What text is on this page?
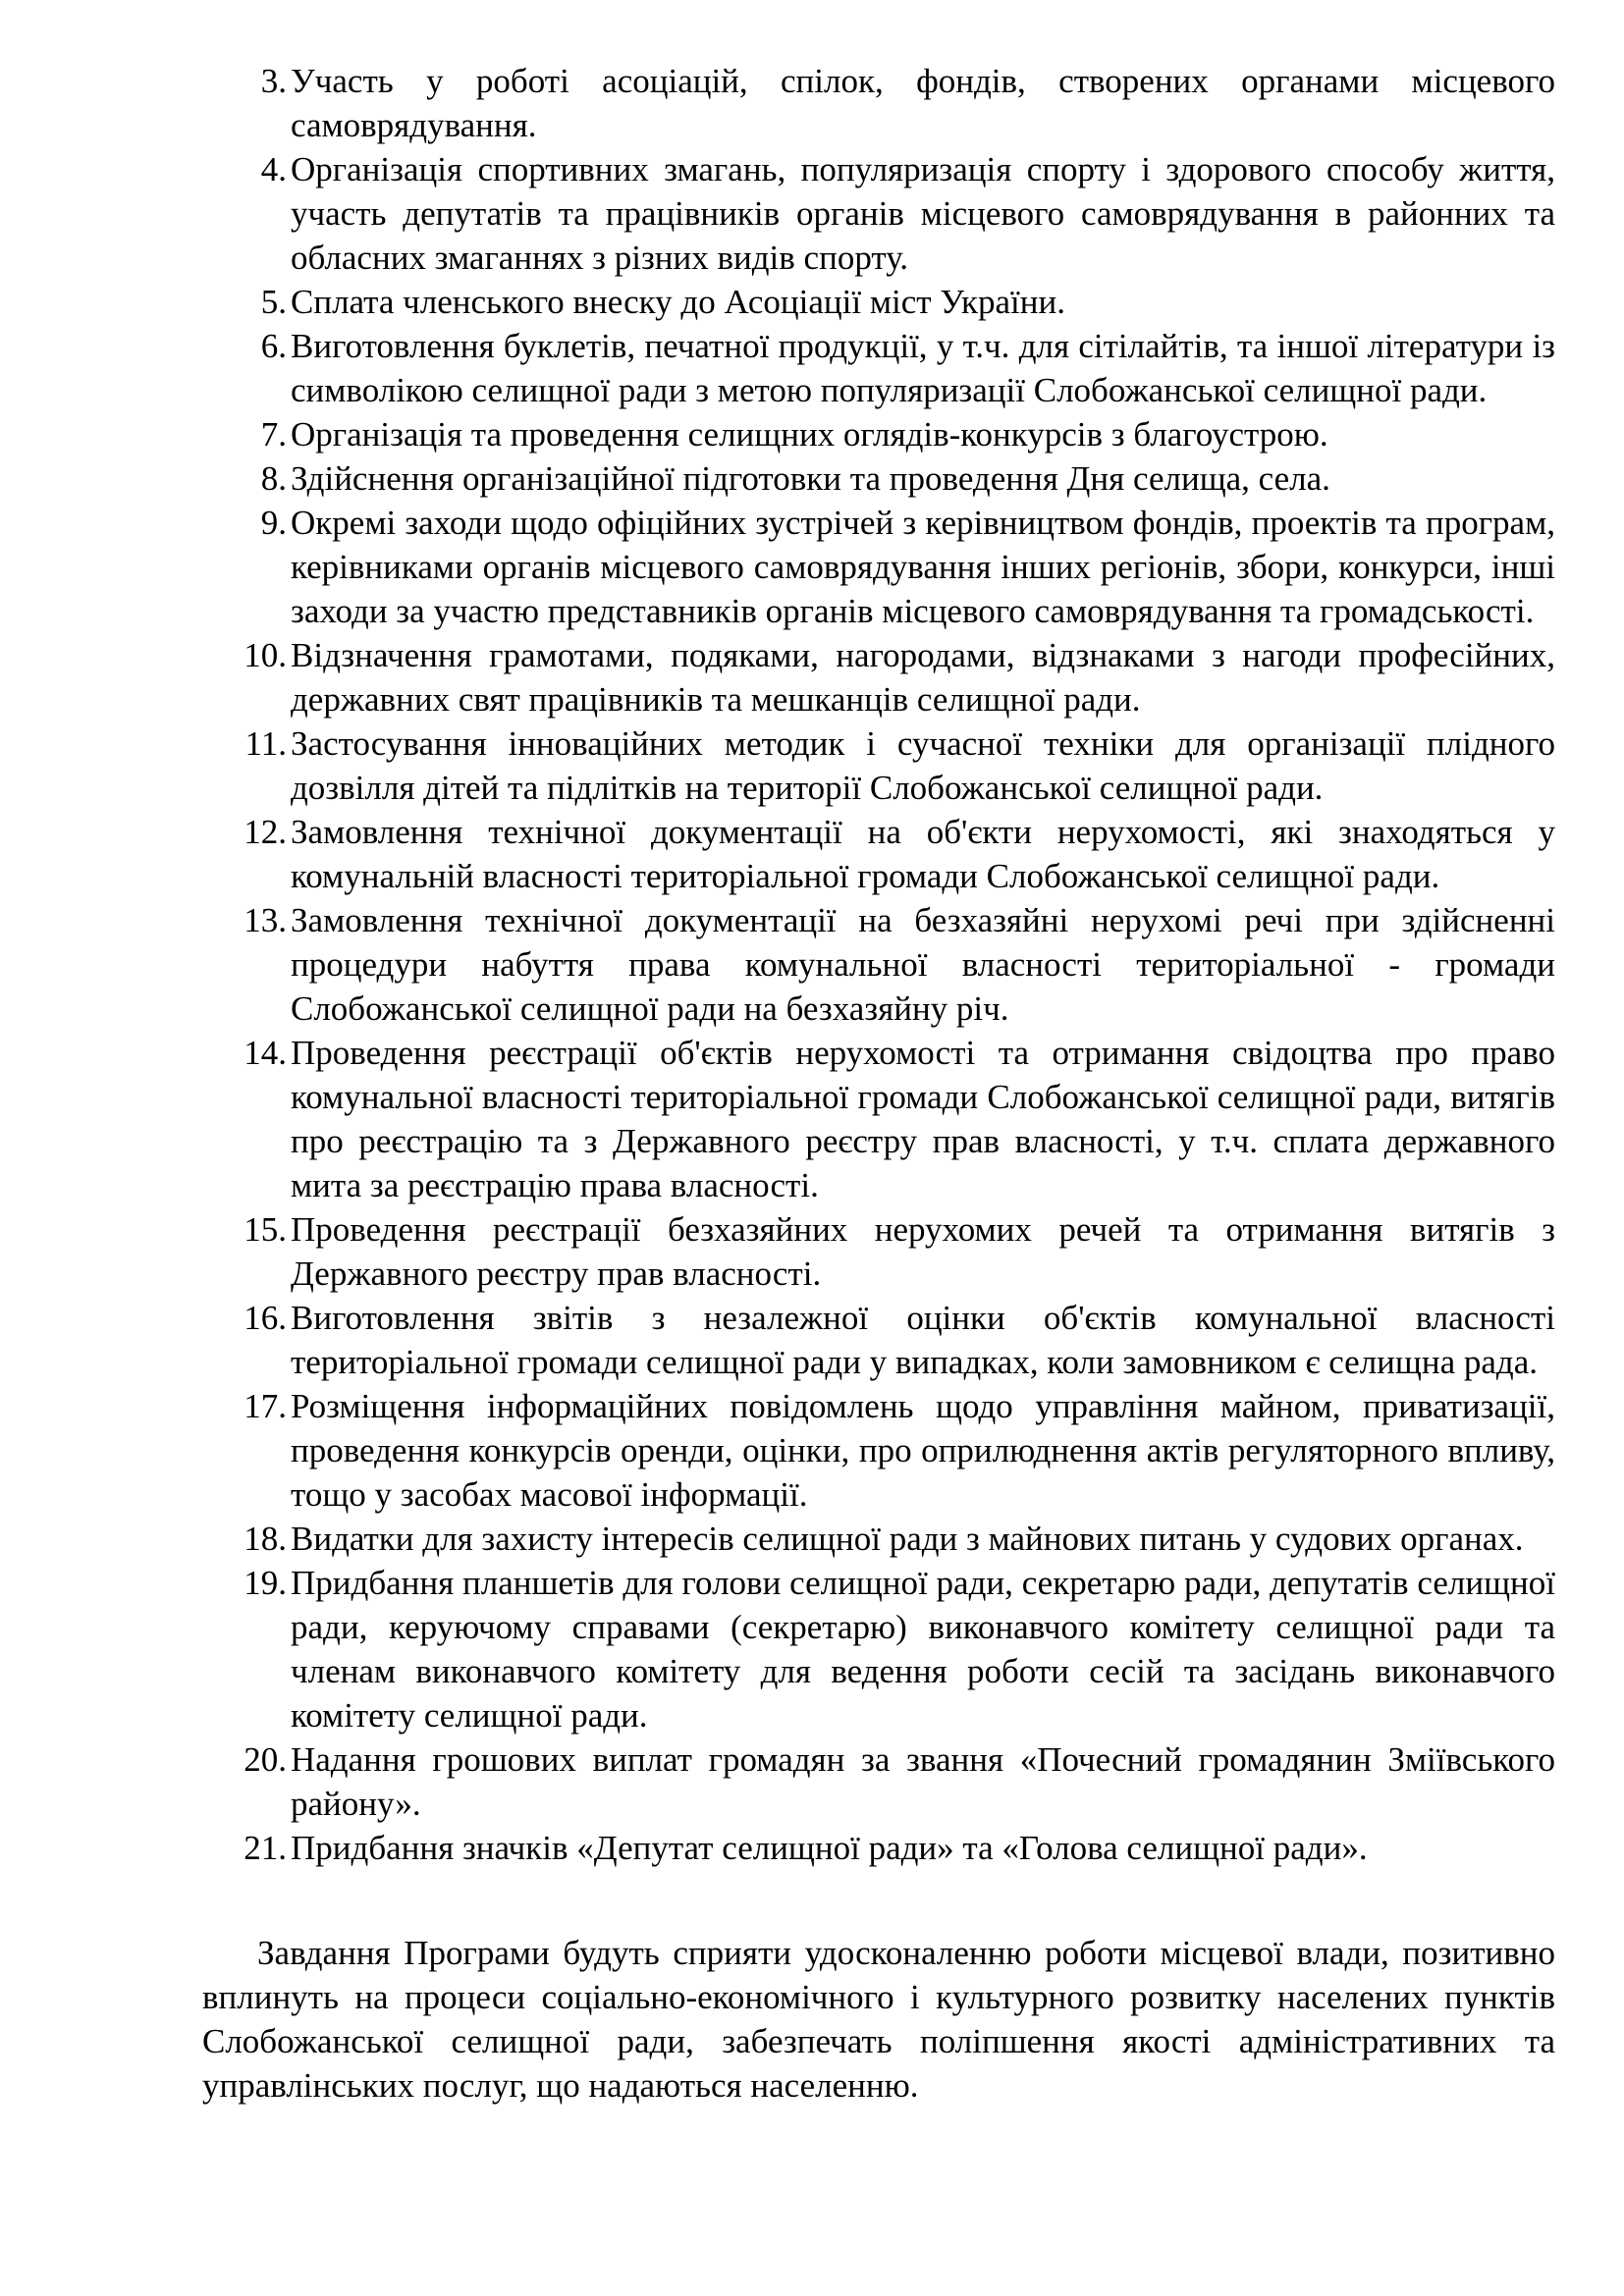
3. Участь у роботі асоціацій, спілок, фондів, створених органами місцевого самоврядування.
4. Організація спортивних змагань, популяризація спорту і здорового способу життя, участь депутатів та працівників органів місцевого самоврядування в районних та обласних змаганнях з різних видів спорту.
5. Сплата членського внеску до Асоціації міст України.
6. Виготовлення буклетів, печатної продукції, у т.ч. для сітілайтів, та іншої літератури із символікою селищної ради з метою популяризації Слобожанської селищної ради.
7. Організація та проведення селищних оглядів-конкурсів з благоустрою.
8. Здійснення організаційної підготовки та проведення Дня селища, села.
9. Окремі заходи щодо офіційних зустрічей з керівництвом фондів, проектів та програм, керівниками органів місцевого самоврядування інших регіонів, збори, конкурси, інші заходи за участю представників органів місцевого самоврядування та громадськості.
10. Відзначення грамотами, подяками, нагородами, відзнаками з нагоди професійних, державних свят працівників та мешканців селищної ради.
11. Застосування інноваційних методик і сучасної техніки для організації плідного дозвілля дітей та підлітків на території Слобожанської селищної ради.
12. Замовлення технічної документації на об'єкти нерухомості, які знаходяться у комунальній власності територіальної громади Слобожанської селищної ради.
13. Замовлення технічної документації на безхазяйні нерухомі речі при здійсненні процедури набуття права комунальної власності територіальної - громади Слобожанської селищної ради на безхазяйну річ.
14. Проведення реєстрації об'єктів нерухомості та отримання свідоцтва про право комунальної власності територіальної громади Слобожанської селищної ради, витягів про реєстрацію та з Державного реєстру прав власності, у т.ч. сплата державного мита за реєстрацію права власності.
15. Проведення реєстрації безхазяйних нерухомих речей та отримання витягів з Державного реєстру прав власності.
16. Виготовлення звітів з незалежної оцінки об'єктів комунальної власності територіальної громади селищної ради у випадках, коли замовником є селищна рада.
17. Розміщення інформаційних повідомлень щодо управління майном, приватизації, проведення конкурсів оренди, оцінки, про оприлюднення актів регуляторного впливу, тощо у засобах масової інформації.
18. Видатки для захисту інтересів селищної ради з майнових питань у судових органах.
19. Придбання планшетів для голови селищної ради, секретарю ради, депутатів селищної ради, керуючому справами (секретарю) виконавчого комітету селищної ради та членам виконавчого комітету для ведення роботи сесій та засідань виконавчого комітету селищної ради.
20. Надання грошових виплат громадян за звання «Почесний громадянин Зміївського району».
21. Придбання значків «Депутат селищної ради» та «Голова селищної ради».

Завдання Програми будуть сприяти удосконаленню роботи місцевої влади, позитивно вплинуть на процеси соціально-економічного і культурного розвитку населених пунктів Слобожанської селищної ради, забезпечать поліпшення якості адміністративних та управлінських послуг, що надаються населенню.
